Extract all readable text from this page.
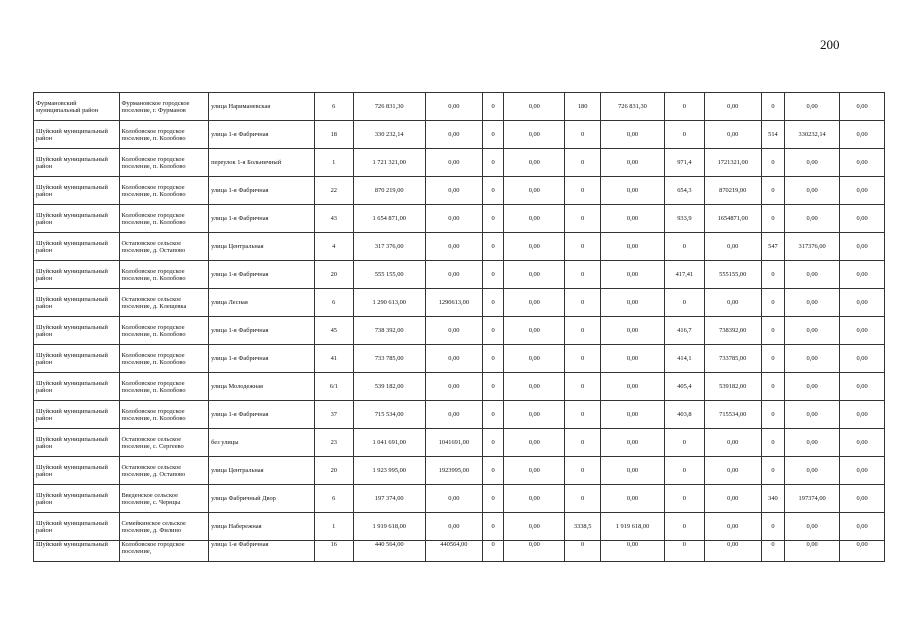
200
Фурмановский муниципальный район	Фурмановское городское поселение, г. Фурманов	улица Нариманевская	6	726 831,30	0,00	0	0,00	180	726 831,30	0	0,00	0	0,00	0,00
Шуйский муниципальный район	Колобовское городское поселение, п. Колобово	улица 1-я Фабричная	18	330 232,14	0,00	0	0,00	0	0,00	0	0,00	514	330232,14	0,00
Шуйский муниципальный район	Колобовское городское поселение, п. Колобово	переулок 1-я Больничный	1	1 721 321,00	0,00	0	0,00	0	0,00	971,4	1721321,00	0	0,00	0,00
Шуйский муниципальный район	Колобовское городское поселение, п. Колобово	улица 1-я Фабричная	22	870 219,00	0,00	0	0,00	0	0,00	654,3	870219,00	0	0,00	0,00
Шуйский муниципальный район	Колобовское городское поселение, п. Колобово	улица 1-я Фабричная	43	1 654 871,00	0,00	0	0,00	0	0,00	933,9	1654871,00	0	0,00	0,00
Шуйский муниципальный район	Остаповское сельское поселение, д. Остапово	улица Центральная	4	317 376,00	0,00	0	0,00	0	0,00	0	0,00	547	317376,00	0,00
Шуйский муниципальный район	Колобовское городское поселение, п. Колобово	улица 1-я Фабричная	20	555 155,00	0,00	0	0,00	0	0,00	417,41	555155,00	0	0,00	0,00
Шуйский муниципальный район	Остаповское сельское поселение, д. Клещевка	улица Лесная	6	1 290 613,00	1290613,00	0	0,00	0	0,00	0	0,00	0	0,00	0,00
Шуйский муниципальный район	Колобовское городское поселение, п. Колобово	улица 1-я Фабричная	45	738 392,00	0,00	0	0,00	0	0,00	416,7	738392,00	0	0,00	0,00
Шуйский муниципальный район	Колобовское городское поселение, п. Колобово	улица 1-я Фабричная	41	733 785,00	0,00	0	0,00	0	0,00	414,1	733785,00	0	0,00	0,00
Шуйский муниципальный район	Колобовское городское поселение, п. Колобово	улица Молодежная	6/1	539 182,00	0,00	0	0,00	0	0,00	405,4	539182,00	0	0,00	0,00
Шуйский муниципальный район	Колобовское городское поселение, п. Колобово	улица 1-я Фабричная	37	715 534,00	0,00	0	0,00	0	0,00	403,8	715534,00	0	0,00	0,00
Шуйский муниципальный район	Остаповское сельское поселение, с. Сергеево	без улицы	23	1 041 691,00	1041691,00	0	0,00	0	0,00	0	0,00	0	0,00	0,00
Шуйский муниципальный район	Остаповское сельское поселение, д. Остапово	улица Центральная	20	1 923 995,00	1923995,00	0	0,00	0	0,00	0	0,00	0	0,00	0,00
Шуйский муниципальный район	Введенское сельское поселение, с. Чернцы	улица Фабричный Двор	6	197 374,00	0,00	0	0,00	0	0,00	0	0,00	340	197374,00	0,00
Шуйский муниципальный район	Семейкинское сельское поселение, д. Филино	улица Набережная	1	1 919 618,00	0,00	0	0,00	3338,5	1 919 618,00	0	0,00	0	0,00	0,00
Шуйский муниципальный	Колобовское городское поселение,	улица 1-я Фабричная	16	440 564,00	440564,00	0	0,00	0	0,00	0	0,00	0	0,00	0,00
